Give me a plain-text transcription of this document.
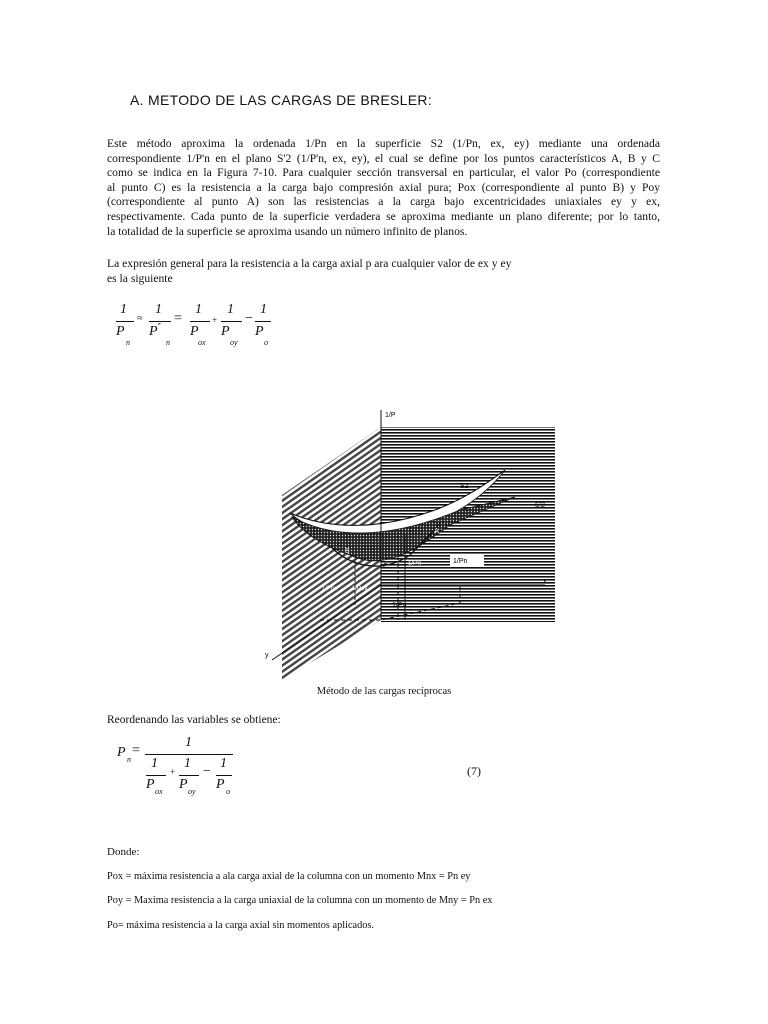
A. METODO DE LAS CARGAS DE BRESLER:
Este método aproxima la ordenada 1/Pn en la superficie S2 (1/Pn, ex, ey) mediante una ordenada
correspondiente 1/P'n en el plano S'2 (1/P'n, ex, ey), el cual se define por los puntos característicos A, B y C
como se indica en la Figura 7-10. Para cualquier sección transversal en particular, el valor Po (correspondiente
al punto C) es la resistencia a la carga bajo compresión axial pura; Pox (correspondiente al punto B) y Poy
(correspondiente al punto A) son las resistencias a la carga bajo excentricidades uniaxiales ey y ex,
respectivamente. Cada punto de la superficie verdadera se aproxima mediante un plano diferente; por lo tanto,
la totalidad de la superficie se aproxima usando un número infinito de planos.
La expresión general para la resistencia a la carga axial p ara cualquier valor de ex y ey
es la siguiente
1
P
n
≈
1
P ́
n
=
1
P
ox
+
1
P
oy
−
1
P
o
1/P
x
y
S2
S'2
A
B
C
1/Po
1/Pn
1/P'n
1/Pox 1/Poy
Método de las cargas recíprocas
Reordenando las variables se obtiene:
P n
=
1
1
P ox
+
1
P oy
−
1
P o
(7)
Donde:
Pox = máxima resistencia a ala carga axial de la columna con un momento Mnx = Pn ey
Poy = Maxima resistencia a la carga uniaxial de la columna con un momento de Mny = Pn ex
Po= máxima resistencia a la carga axial sin momentos aplicados.
